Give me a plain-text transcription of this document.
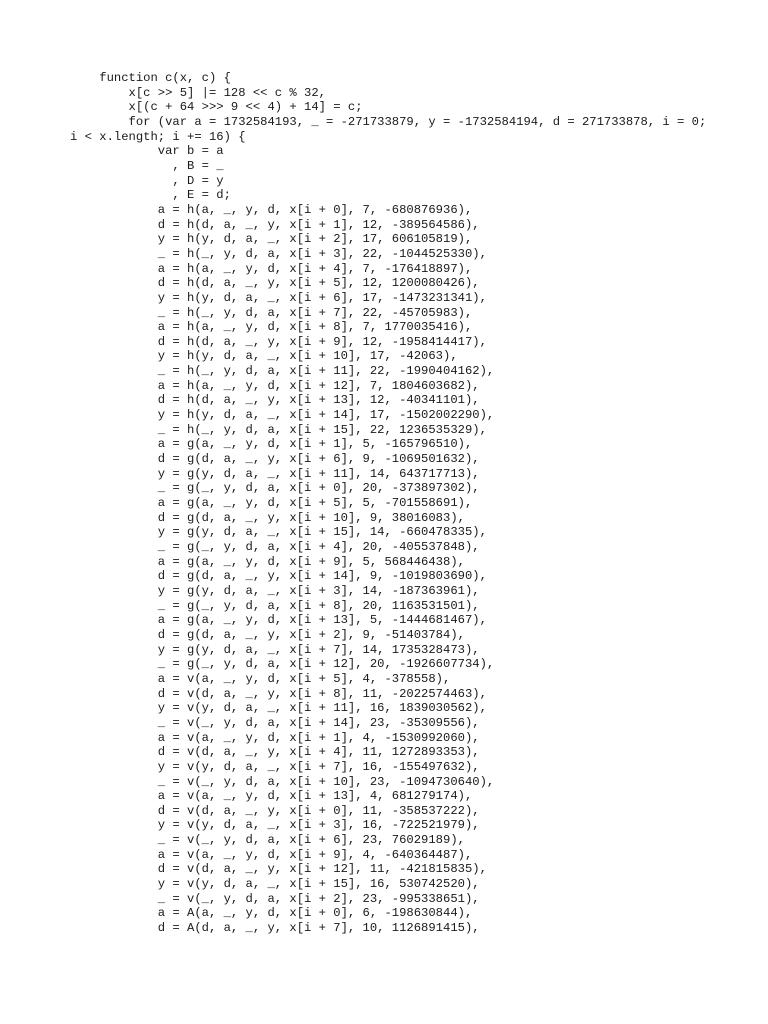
function c(x, c) {
x[c >> 5] |= 128 << c % 32,
x[(c + 64 >>> 9 << 4) + 14] = c;
for (var a = 1732584193, _ = -271733879, y = -1732584194, d = 271733878, i = 0; i < x.length; i += 16) {
var b = a
, B = _
, D = y
, E = d;
a = h(a, _, y, d, x[i + 0], 7, -680876936),
d = h(d, a, _, y, x[i + 1], 12, -389564586),
y = h(y, d, a, _, x[i + 2], 17, 606105819),
_ = h(_, y, d, a, x[i + 3], 22, -1044525330),
a = h(a, _, y, d, x[i + 4], 7, -176418897),
d = h(d, a, _, y, x[i + 5], 12, 1200080426),
y = h(y, d, a, _, x[i + 6], 17, -1473231341),
_ = h(_, y, d, a, x[i + 7], 22, -45705983),
a = h(a, _, y, d, x[i + 8], 7, 1770035416),
d = h(d, a, _, y, x[i + 9], 12, -1958414417),
y = h(y, d, a, _, x[i + 10], 17, -42063),
_ = h(_, y, d, a, x[i + 11], 22, -1990404162),
a = h(a, _, y, d, x[i + 12], 7, 1804603682),
d = h(d, a, _, y, x[i + 13], 12, -40341101),
y = h(y, d, a, _, x[i + 14], 17, -1502002290),
_ = h(_, y, d, a, x[i + 15], 22, 1236535329),
a = g(a, _, y, d, x[i + 1], 5, -165796510),
d = g(d, a, _, y, x[i + 6], 9, -1069501632),
y = g(y, d, a, _, x[i + 11], 14, 643717713),
_ = g(_, y, d, a, x[i + 0], 20, -373897302),
a = g(a, _, y, d, x[i + 5], 5, -701558691),
d = g(d, a, _, y, x[i + 10], 9, 38016083),
y = g(y, d, a, _, x[i + 15], 14, -660478335),
_ = g(_, y, d, a, x[i + 4], 20, -405537848),
a = g(a, _, y, d, x[i + 9], 5, 568446438),
d = g(d, a, _, y, x[i + 14], 9, -1019803690),
y = g(y, d, a, _, x[i + 3], 14, -187363961),
_ = g(_, y, d, a, x[i + 8], 20, 1163531501),
a = g(a, _, y, d, x[i + 13], 5, -1444681467),
d = g(d, a, _, y, x[i + 2], 9, -51403784),
y = g(y, d, a, _, x[i + 7], 14, 1735328473),
_ = g(_, y, d, a, x[i + 12], 20, -1926607734),
a = v(a, _, y, d, x[i + 5], 4, -378558),
d = v(d, a, _, y, x[i + 8], 11, -2022574463),
y = v(y, d, a, _, x[i + 11], 16, 1839030562),
_ = v(_, y, d, a, x[i + 14], 23, -35309556),
a = v(a, _, y, d, x[i + 1], 4, -1530992060),
d = v(d, a, _, y, x[i + 4], 11, 1272893353),
y = v(y, d, a, _, x[i + 7], 16, -155497632),
_ = v(_, y, d, a, x[i + 10], 23, -1094730640),
a = v(a, _, y, d, x[i + 13], 4, 681279174),
d = v(d, a, _, y, x[i + 0], 11, -358537222),
y = v(y, d, a, _, x[i + 3], 16, -722521979),
_ = v(_, y, d, a, x[i + 6], 23, 76029189),
a = v(a, _, y, d, x[i + 9], 4, -640364487),
d = v(d, a, _, y, x[i + 12], 11, -421815835),
y = v(y, d, a, _, x[i + 15], 16, 530742520),
_ = v(_, y, d, a, x[i + 2], 23, -995338651),
a = A(a, _, y, d, x[i + 0], 6, -198630844),
d = A(d, a, _, y, x[i + 7], 10, 1126891415),
